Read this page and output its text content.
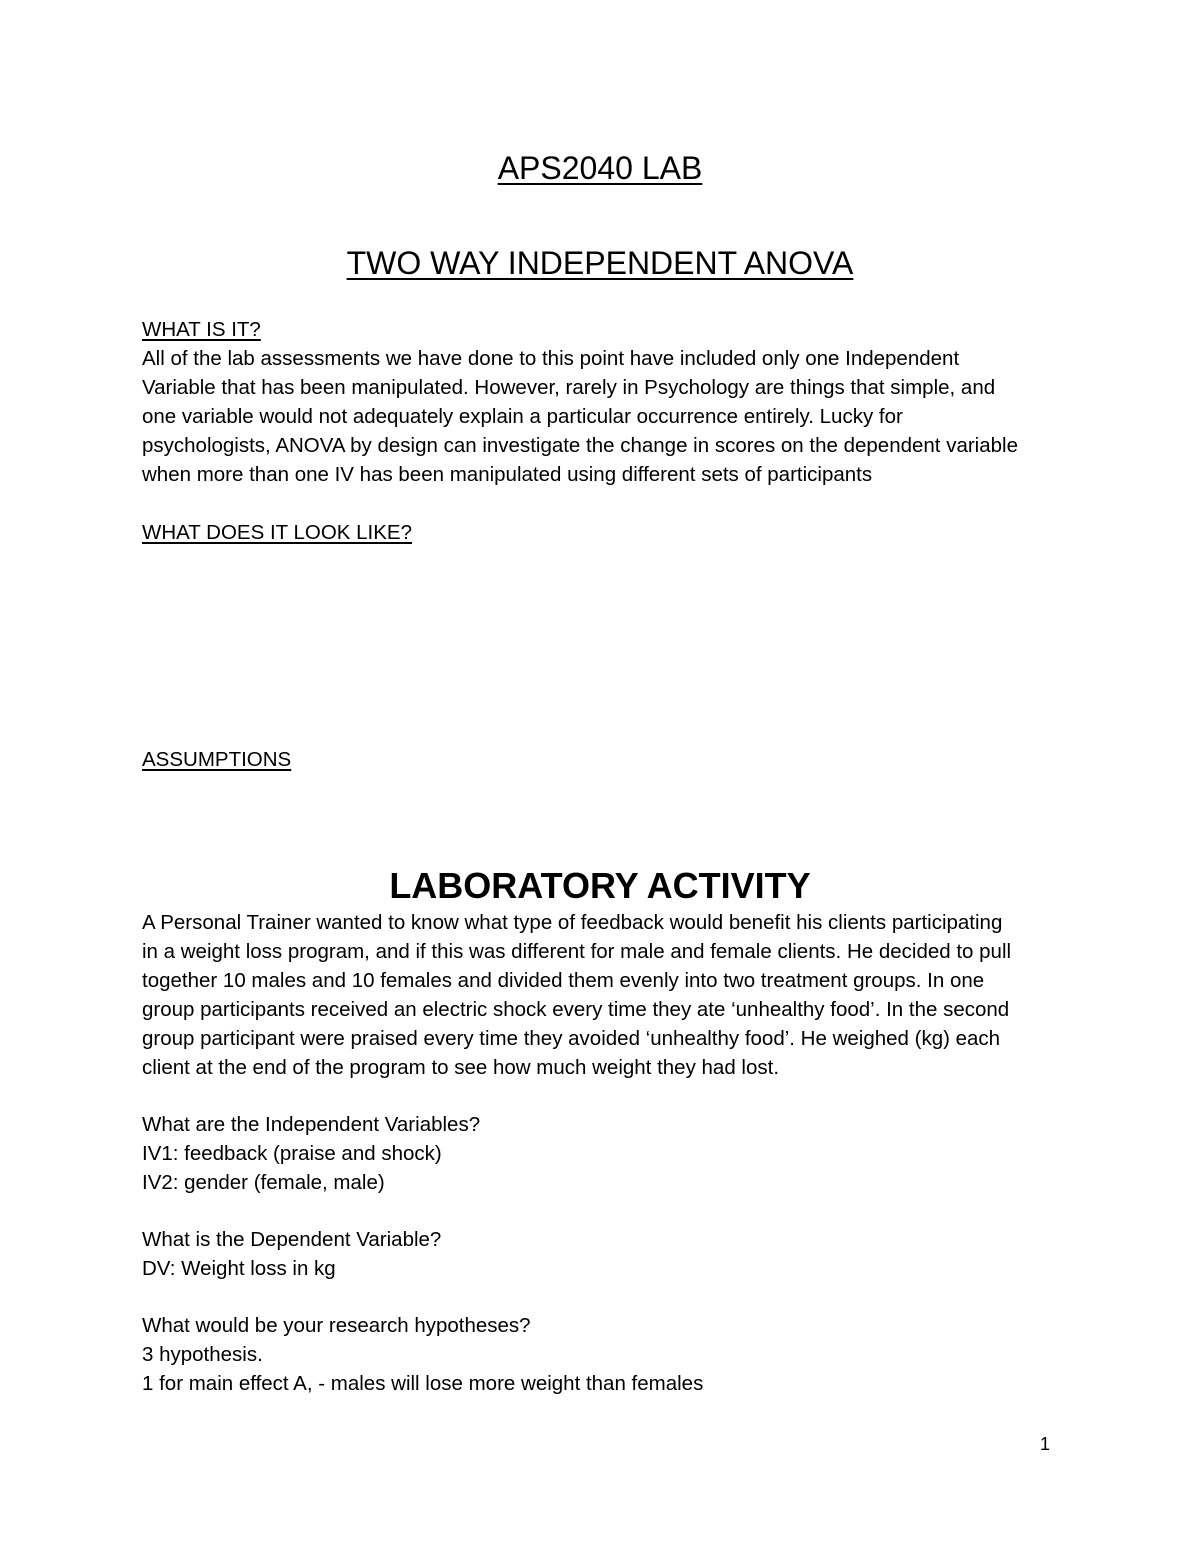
APS2040 LAB
TWO WAY INDEPENDENT ANOVA
WHAT IS IT?
All of the lab assessments we have done to this point have included only one Independent
Variable that has been manipulated. However, rarely in Psychology are things that simple, and
one variable would not adequately explain a particular occurrence entirely. Lucky for
psychologists, ANOVA by design can investigate the change in scores on the dependent variable
when more than one IV has been manipulated using different sets of participants
WHAT DOES IT LOOK LIKE?
ASSUMPTIONS
LABORATORY ACTIVITY
A Personal Trainer wanted to know what type of feedback would benefit his clients participating
in a weight loss program, and if this was different for male and female clients. He decided to pull
together 10 males and 10 females and divided them evenly into two treatment groups. In one
group participants received an electric shock every time they ate ‘unhealthy food’. In the second
group participant were praised every time they avoided ‘unhealthy food’. He weighed (kg) each
client at the end of the program to see how much weight they had lost.
What are the Independent Variables?
IV1: feedback (praise and shock)
IV2: gender (female, male)
What is the Dependent Variable?
DV: Weight loss in kg
What would be your research hypotheses?
3 hypothesis.
1 for main effect A, - males will lose more weight than females
1
